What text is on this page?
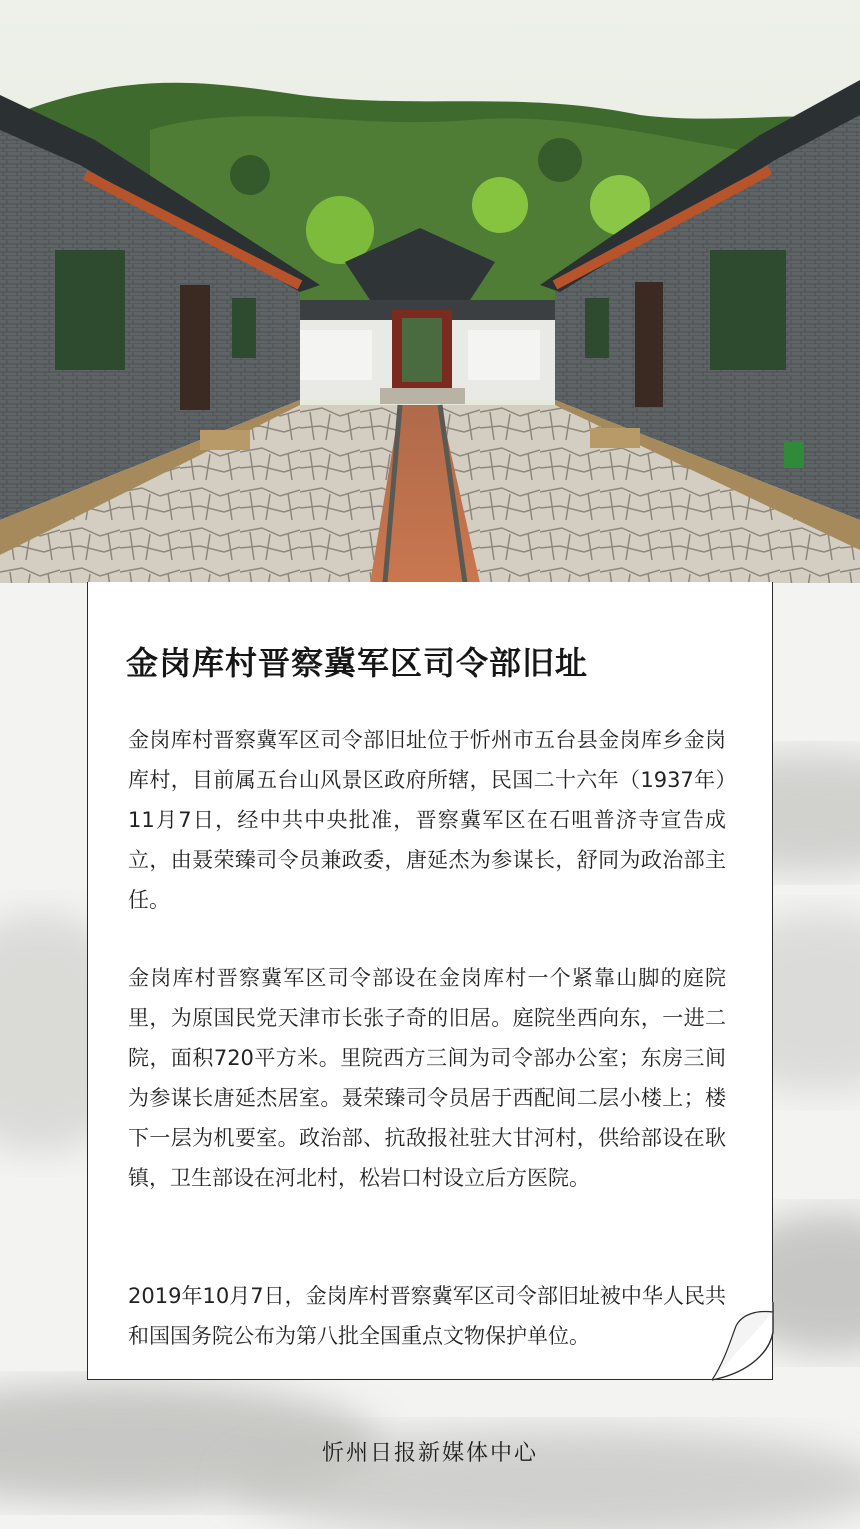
金岗库村晋察冀军区司令部旧址

金岗库村晋察冀军区司令部旧址位于忻州市五台县金岗库乡金岗库村，目前属五台山风景区政府所辖，民国二十六年（1937年）11月7日，经中共中央批准，晋察冀军区在石咀普济寺宣告成立，由聂荣臻司令员兼政委，唐延杰为参谋长，舒同为政治部主任。

金岗库村晋察冀军区司令部设在金岗库村一个紧靠山脚的庭院里，为原国民党天津市长张子奇的旧居。庭院坐西向东，一进二院，面积720平方米。里院西方三间为司令部办公室；东房三间为参谋长唐延杰居室。聂荣臻司令员居于西配间二层小楼上；楼下一层为机要室。政治部、抗敌报社驻大甘河村，供给部设在耿镇，卫生部设在河北村，松岩口村设立后方医院。

2019年10月7日，金岗库村晋察冀军区司令部旧址被中华人民共和国国务院公布为第八批全国重点文物保护单位。

忻州日报新媒体中心
